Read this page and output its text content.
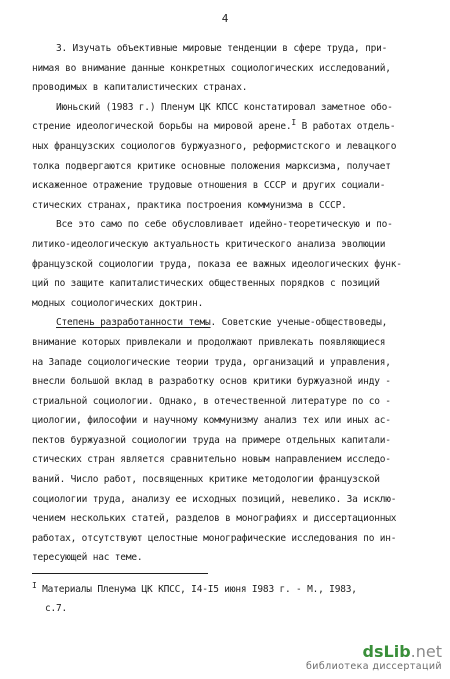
4
3. Изучать объективные мировые тенденции в сфере труда, при-
нимая во внимание данные конкретных социологических исследований,
проводимых в капиталистических странах.
Июньский (1983 г.) Пленум ЦК КПСС констатировал заметное обо-
стрение идеологической борьбы на мировой арене.$^I$ В работах отдель-
ных французских социологов буржуазного, реформистского и левацкого
толка подвергаются критике основные положения марксизма, получает
искаженное отражение трудовые отношения в СССР и других социали-
стических странах, практика построения коммунизма в СССР.
Все это само по себе обусловливает идейно-теоретическую и по-
литико-идеологическую актуальность критического анализа эволюции
французской социологии труда, показа ее важных идеологических функ-
ций по защите капиталистических общественных порядков с позиций
модных социологических доктрин.
Степень разработанности темы. Советские ученые-обществоведы,
внимание которых привлекали и продолжают привлекать появляющиеся
на Западе социологические теории труда, организаций и управления,
внесли большой вклад в разработку основ критики буржуазной инду -
стриальной социологии. Однако, в отечественной литературе по со -
циологии, философии и научному коммунизму анализ тех или иных ас-
пектов буржуазной социологии труда на примере отдельных капитали-
стических стран является сравнительно новым направлением исследо-
ваний. Число работ, посвященных критике методологии французской
социологии труда, анализу ее исходных позиций, невелико. За исклю-
чением нескольких статей, разделов в монографиях и диссертационных
работах, отсутствуют целостные монографические исследования по ин-
тересующей нас теме.
$^I$ Материалы Пленума ЦК КПСС, I4-I5 июня I983 г. - М., I983,
с.7.
dsLib.net
библиотека диссертаций
